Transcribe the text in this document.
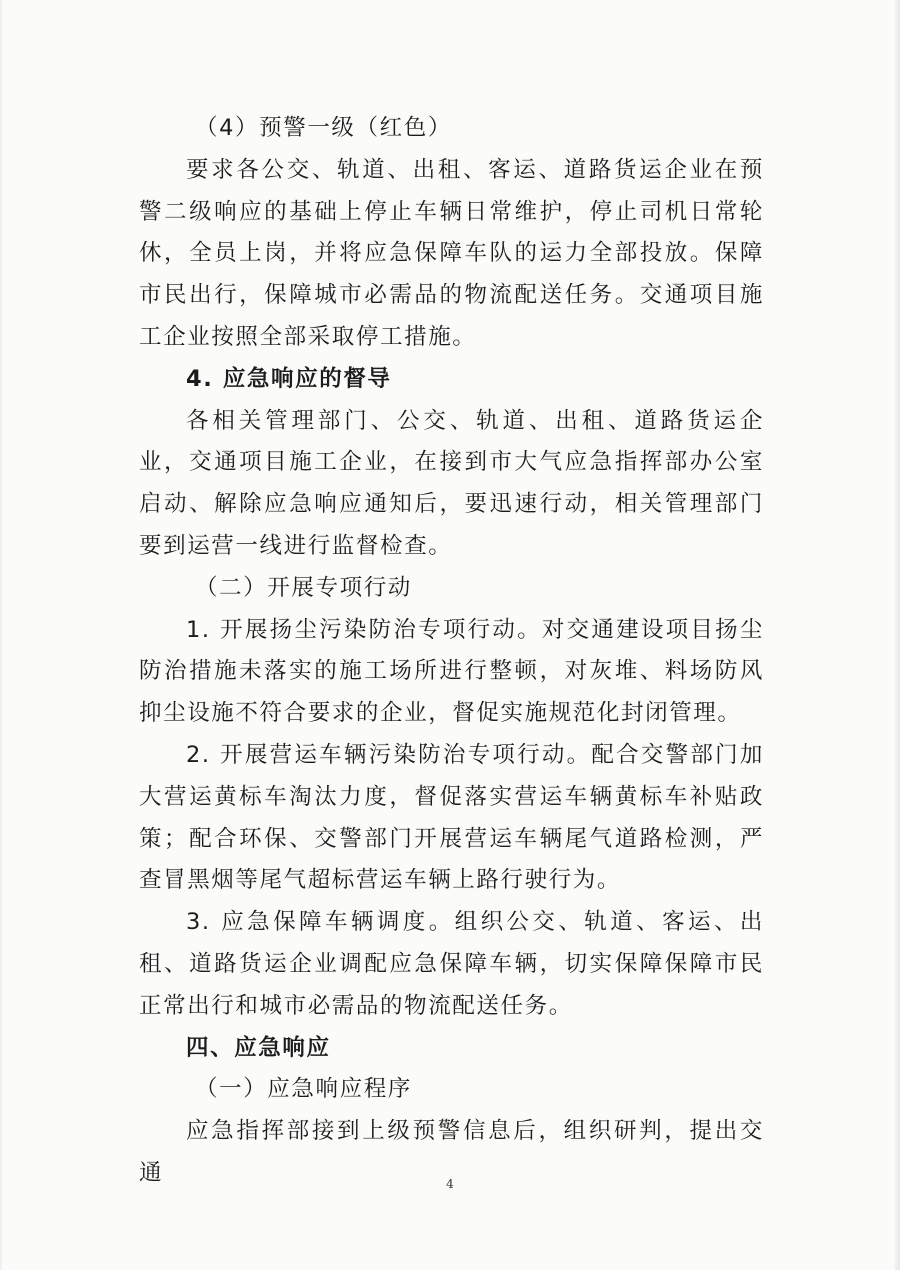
（4）预警一级（红色）

要求各公交、轨道、出租、客运、道路货运企业在预警二级响应的基础上停止车辆日常维护，停止司机日常轮休，全员上岗，并将应急保障车队的运力全部投放。保障市民出行，保障城市必需品的物流配送任务。交通项目施工企业按照全部采取停工措施。

4. 应急响应的督导

各相关管理部门、公交、轨道、出租、道路货运企业，交通项目施工企业，在接到市大气应急指挥部办公室启动、解除应急响应通知后，要迅速行动，相关管理部门要到运营一线进行监督检查。

（二）开展专项行动

1. 开展扬尘污染防治专项行动。对交通建设项目扬尘防治措施未落实的施工场所进行整顿，对灰堆、料场防风抑尘设施不符合要求的企业，督促实施规范化封闭管理。

2. 开展营运车辆污染防治专项行动。配合交警部门加大营运黄标车淘汰力度，督促落实营运车辆黄标车补贴政策；配合环保、交警部门开展营运车辆尾气道路检测，严查冒黑烟等尾气超标营运车辆上路行驶行为。

3. 应急保障车辆调度。组织公交、轨道、客运、出租、道路货运企业调配应急保障车辆，切实保障保障市民正常出行和城市必需品的物流配送任务。

四、应急响应

（一）应急响应程序

应急指挥部接到上级预警信息后，组织研判，提出交通	4
